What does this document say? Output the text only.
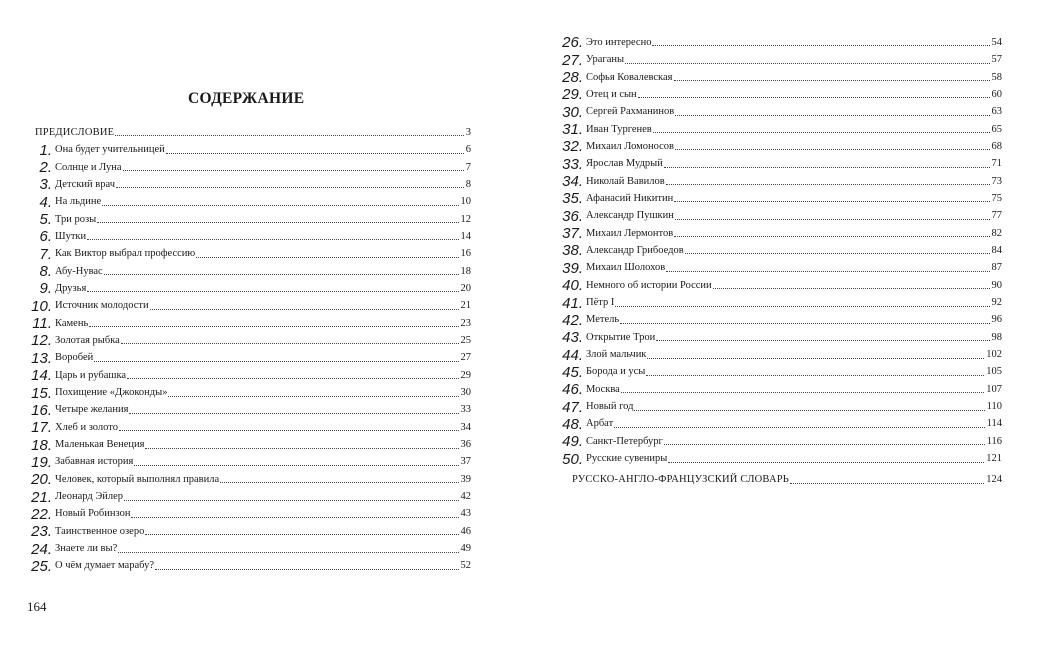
СОДЕРЖАНИЕ
ПРЕДИСЛОВИЕ	3
1. Она будет учительницей	6
2. Солнце и Луна	7
3. Детский врач	8
4. На льдине	10
5. Три розы	12
6. Шутки	14
7. Как Виктор выбрал профессию	16
8. Абу-Нувас	18
9. Друзья	20
10. Источник молодости	21
11. Камень	23
12. Золотая рыбка	25
13. Воробей	27
14. Царь и рубашка	29
15. Похищение «Джоконды»	30
16. Четыре желания	33
17. Хлеб и золото	34
18. Маленькая Венеция	36
19. Забавная история	37
20. Человек, который выполнял правила	39
21. Леонард Эйлер	42
22. Новый Робинзон	43
23. Таинственное озеро	46
24. Знаете ли вы?	49
25. О чём думает марабу?	52
164
26. Это интересно	54
27. Ураганы	57
28. Софья Ковалевская	58
29. Отец и сын	60
30. Сергей Рахманинов	63
31. Иван Тургенев	65
32. Михаил Ломоносов	68
33. Ярослав Мудрый	71
34. Николай Вавилов	73
35. Афанасий Никитин	75
36. Александр Пушкин	77
37. Михаил Лермонтов	82
38. Александр Грибоедов	84
39. Михаил Шолохов	87
40. Немного об истории России	90
41. Пётр I	92
42. Метель	96
43. Открытие Трои	98
44. Злой мальчик	102
45. Борода и усы	105
46. Москва	107
47. Новый год	110
48. Арбат	114
49. Санкт-Петербург	116
50. Русские сувениры	121
РУССКО-АНГЛО-ФРАНЦУЗСКИЙ СЛОВАРЬ	124
